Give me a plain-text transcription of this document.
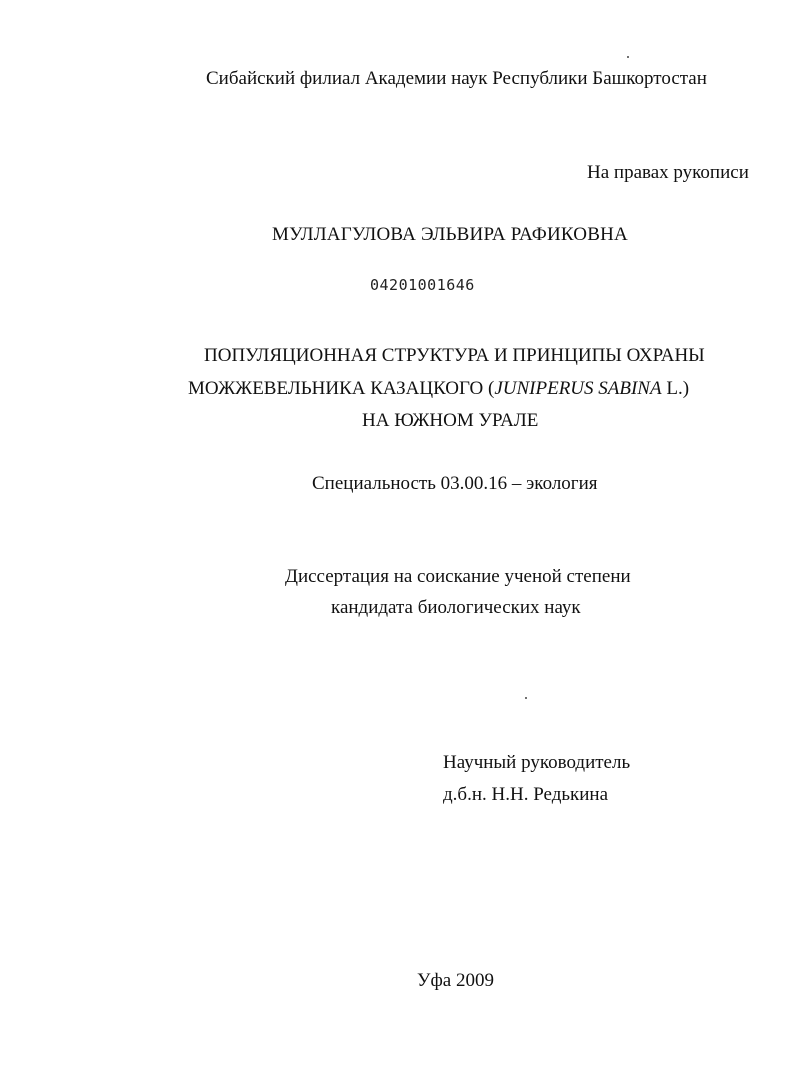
Сибайский филиал Академии наук Республики Башкортостан
На правах рукописи
МУЛЛАГУЛОВА ЭЛЬВИРА РАФИКОВНА
04201001646
ПОПУЛЯЦИОННАЯ СТРУКТУРА И ПРИНЦИПЫ ОХРАНЫ
МОЖЖЕВЕЛЬНИКА КАЗАЦКОГО (JUNIPERUS SABINA L.)
НА ЮЖНОМ УРАЛЕ
Специальность 03.00.16 – экология
Диссертация на соискание ученой степени
кандидата биологических наук
Научный руководитель
д.б.н. Н.Н. Редькина
Уфа 2009
